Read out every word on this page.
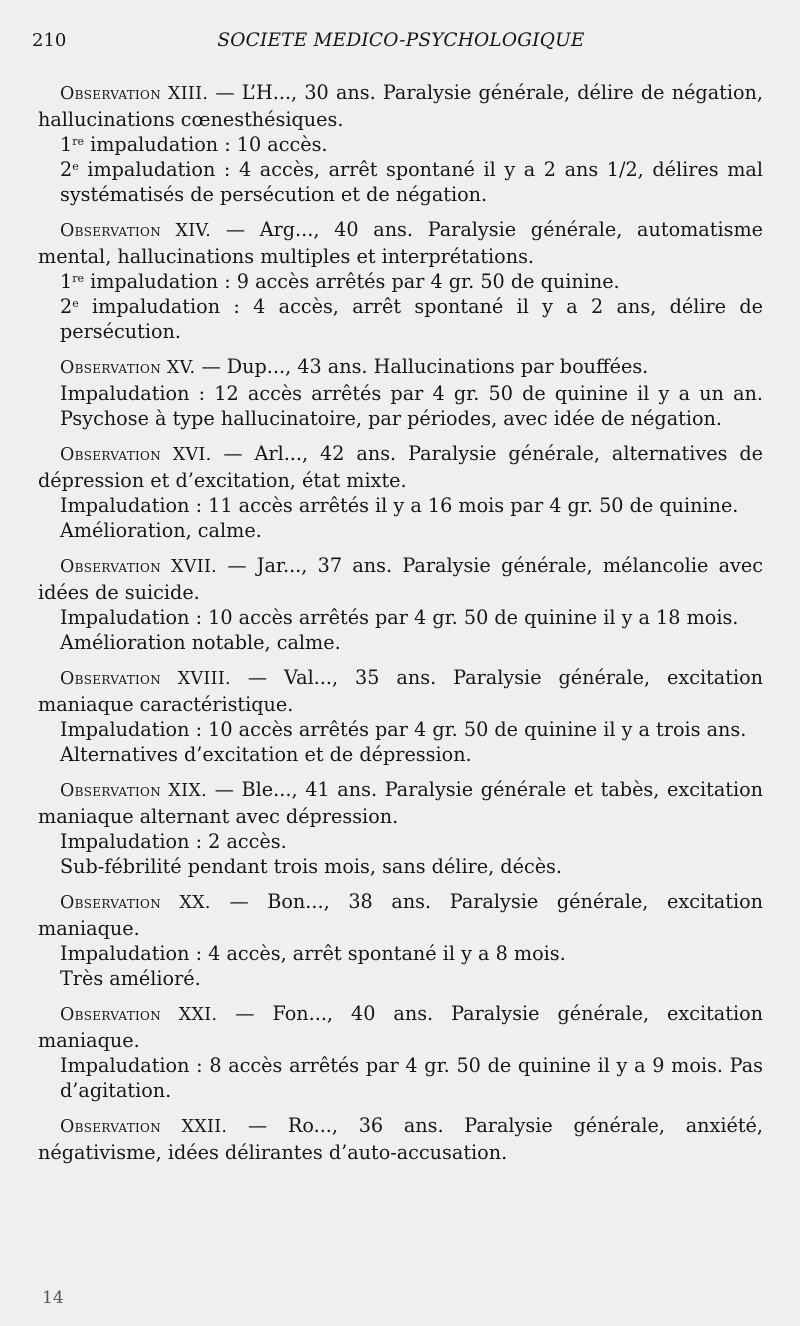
210	SOCIETE MEDICO-PSYCHOLOGIQUE

Observation XIII. — L’H..., 30 ans. Paralysie générale, délire de négation, hallucinations cœnesthésiques.

1re impaludation : 10 accès.

2e impaludation : 4 accès, arrêt spontané il y a 2 ans 1/2, délires mal systématisés de persécution et de négation.

Observation XIV. — Arg..., 40 ans. Paralysie générale, automatisme mental, hallucinations multiples et interprétations.

1re impaludation : 9 accès arrêtés par 4 gr. 50 de quinine.

2e impaludation : 4 accès, arrêt spontané il y a 2 ans, délire de persécution.

Observation XV. — Dup..., 43 ans. Hallucinations par bouffées.

Impaludation : 12 accès arrêtés par 4 gr. 50 de quinine il y a un an. Psychose à type hallucinatoire, par périodes, avec idée de négation.

Observation XVI. — Arl..., 42 ans. Paralysie générale, alternatives de dépression et d’excitation, état mixte.

Impaludation : 11 accès arrêtés il y a 16 mois par 4 gr. 50 de quinine.

Amélioration, calme.

Observation XVII. — Jar..., 37 ans. Paralysie générale, mélancolie avec idées de suicide.

Impaludation : 10 accès arrêtés par 4 gr. 50 de quinine il y a 18 mois.

Amélioration notable, calme.

Observation XVIII. — Val..., 35 ans. Paralysie générale, excitation maniaque caractéristique.

Impaludation : 10 accès arrêtés par 4 gr. 50 de quinine il y a trois ans.

Alternatives d’excitation et de dépression.

Observation XIX. — Ble..., 41 ans. Paralysie générale et tabès, excitation maniaque alternant avec dépression.

Impaludation : 2 accès.

Sub-fébrilité pendant trois mois, sans délire, décès.

Observation XX. — Bon..., 38 ans. Paralysie générale, excitation maniaque.

Impaludation : 4 accès, arrêt spontané il y a 8 mois.

Très amélioré.

Observation XXI. — Fon..., 40 ans. Paralysie générale, excitation maniaque.

Impaludation : 8 accès arrêtés par 4 gr. 50 de quinine il y a 9 mois. Pas d’agitation.

Observation XXII. — Ro..., 36 ans. Paralysie générale, anxiété, négativisme, idées délirantes d’auto-accusation.

14
